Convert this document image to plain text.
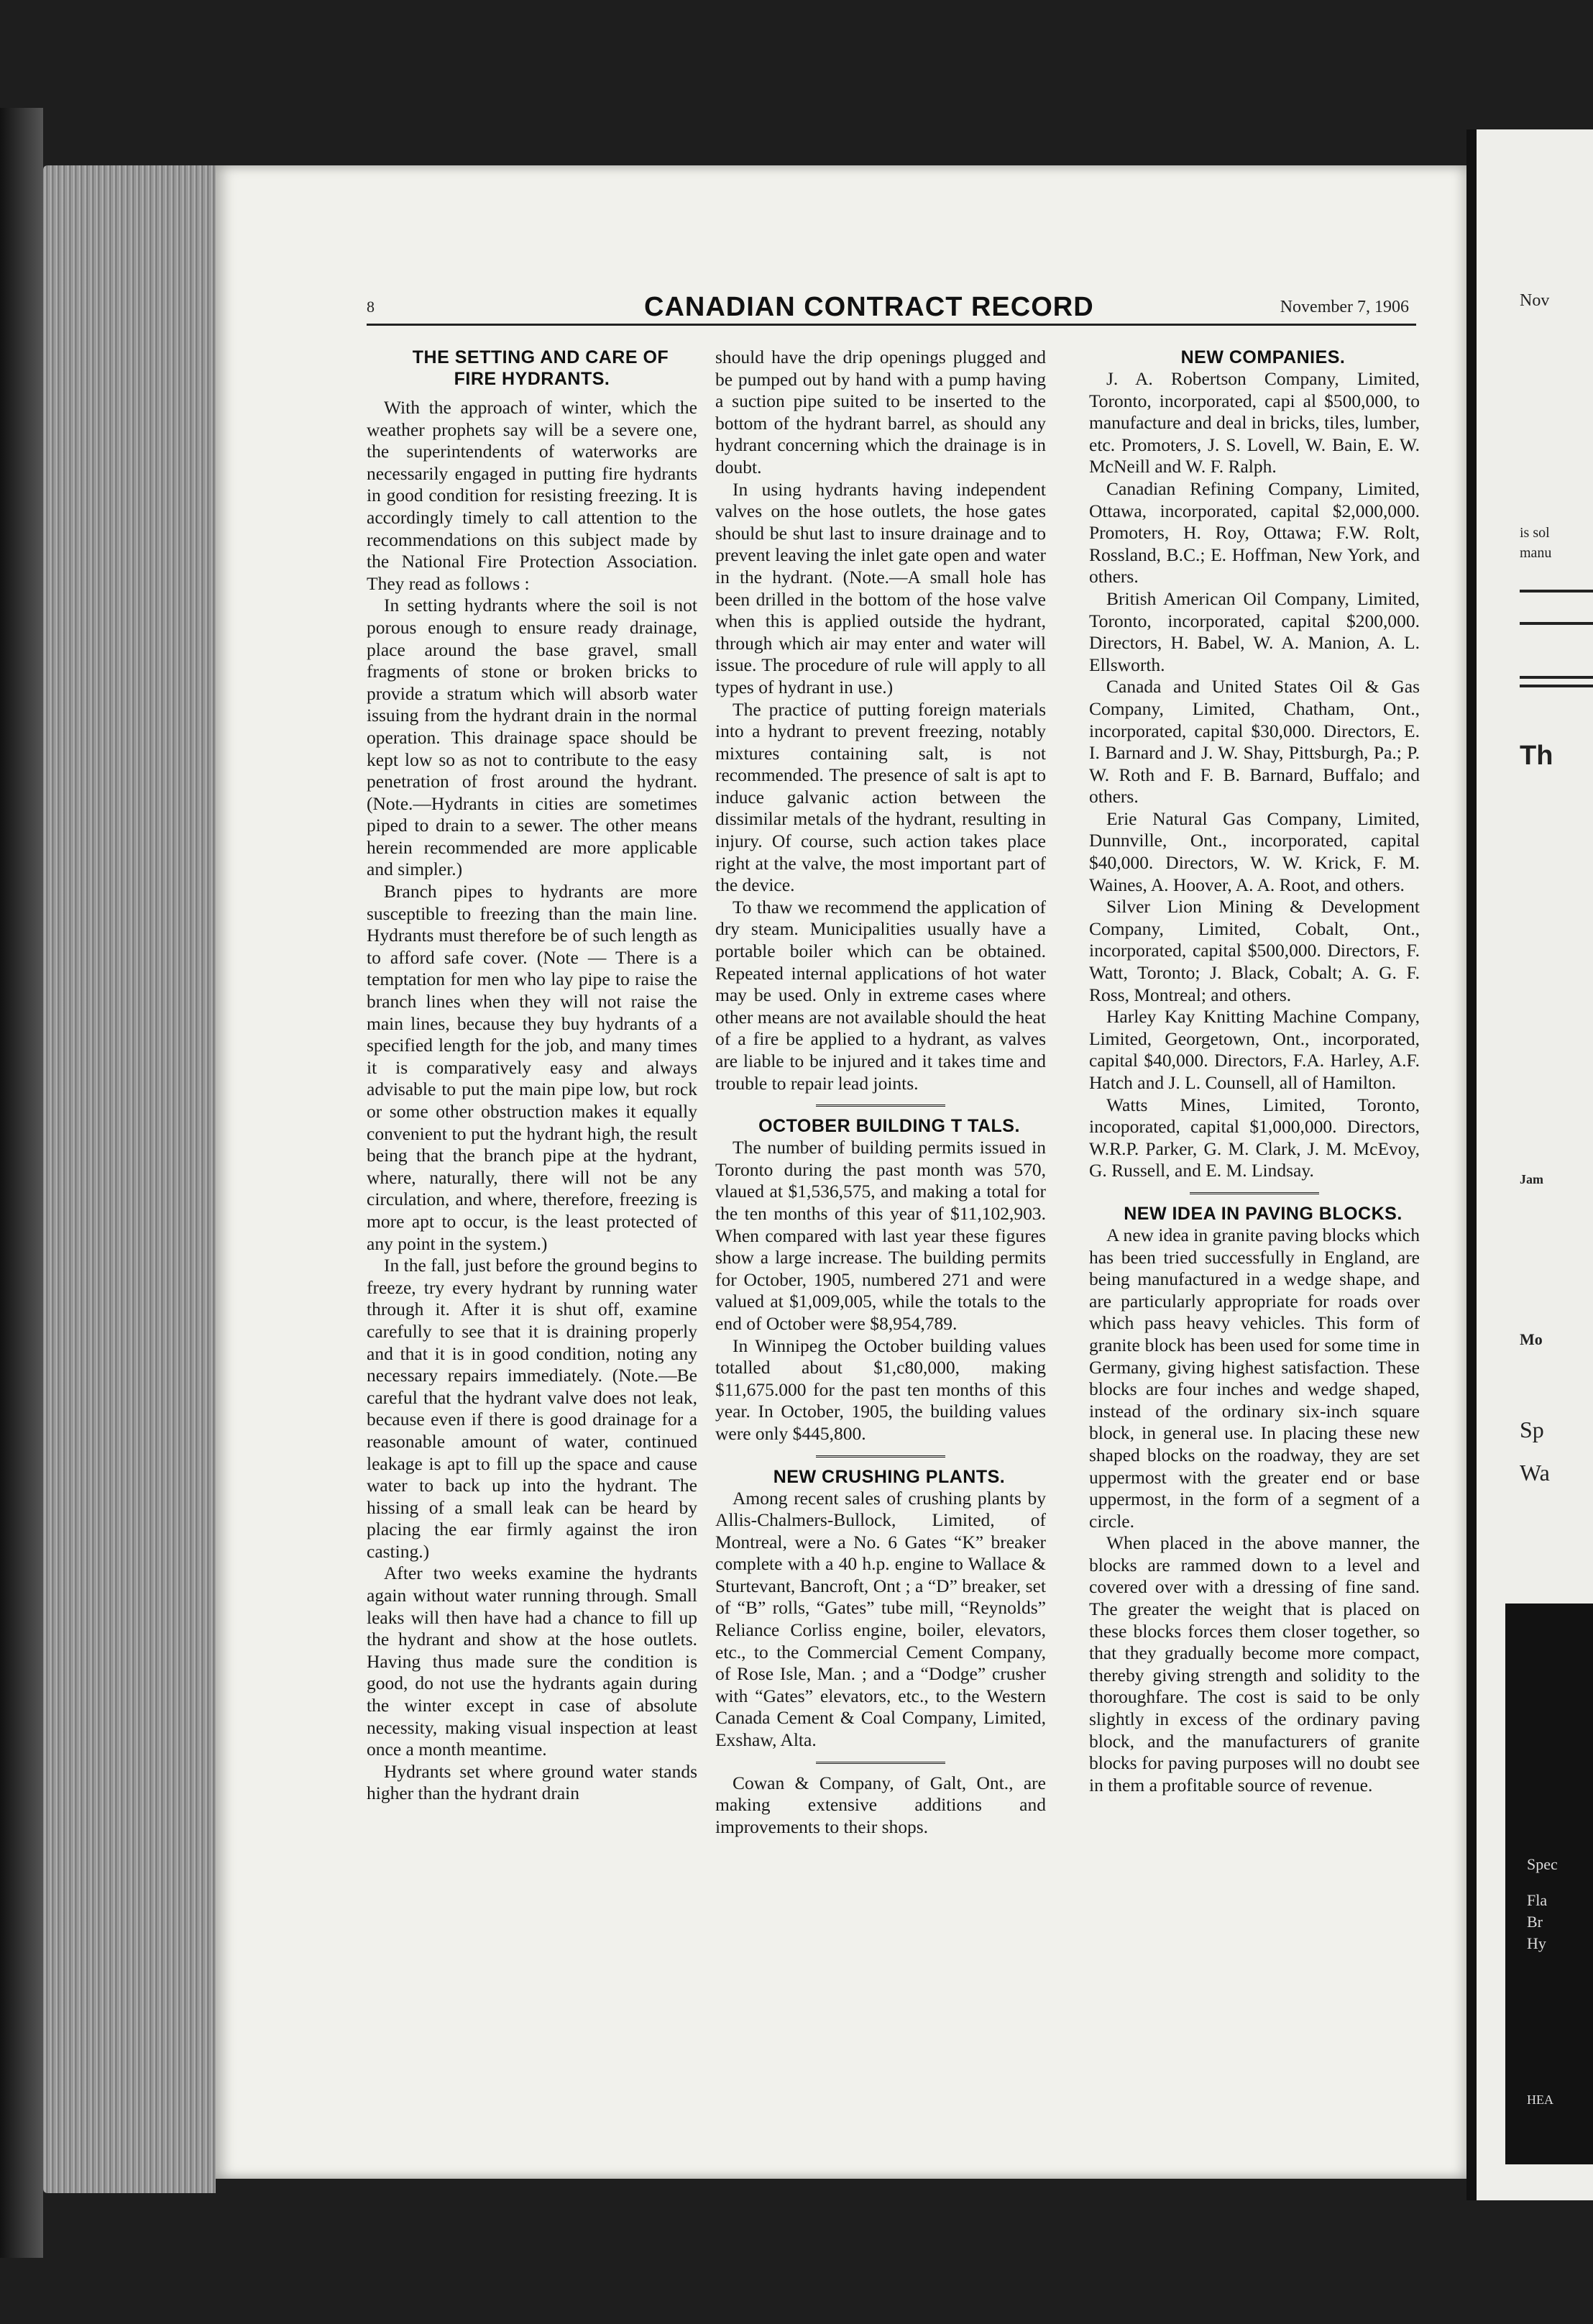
Nov
is sol
manu
Th
Jam
Mo
Sp
Wa
Spec
Fla
Br
Hy
HEA
8	CANADIAN CONTRACT RECORD	November 7, 1906

THE SETTING AND CARE OF FIRE HYDRANTS.

With the approach of winter, which the weather prophets say will be a severe one, the superintendents of waterworks are necessarily engaged in putting fire hydrants in good condition for resisting freezing. It is accordingly timely to call attention to the recommendations on this subject made by the National Fire Protection Association. They read as follows :

In setting hydrants where the soil is not porous enough to ensure ready drainage, place around the base gravel, small fragments of stone or broken bricks to provide a stratum which will absorb water issuing from the hydrant drain in the normal operation. This drainage space should be kept low so as not to contribute to the easy penetration of frost around the hydrant. (Note.—Hydrants in cities are sometimes piped to drain to a sewer. The other means herein recommended are more applicable and simpler.)

Branch pipes to hydrants are more susceptible to freezing than the main line. Hydrants must therefore be of such length as to afford safe cover. (Note — There is a temptation for men who lay pipe to raise the branch lines when they will not raise the main lines, because they buy hydrants of a specified length for the job, and many times it is comparatively easy and always advisable to put the main pipe low, but rock or some other obstruction makes it equally convenient to put the hydrant high, the result being that the branch pipe at the hydrant, where, naturally, there will not be any circulation, and where, therefore, freezing is more apt to occur, is the least protected of any point in the system.)

In the fall, just before the ground begins to freeze, try every hydrant by running water through it. After it is shut off, examine carefully to see that it is draining properly and that it is in good condition, noting any necessary repairs immediately. (Note.—Be careful that the hydrant valve does not leak, because even if there is good drainage for a reasonable amount of water, continued leakage is apt to fill up the space and cause water to back up into the hydrant. The hissing of a small leak can be heard by placing the ear firmly against the iron casting.)

After two weeks examine the hydrants again without water running through. Small leaks will then have had a chance to fill up the hydrant and show at the hose outlets. Having thus made sure the condition is good, do not use the hydrants again during the winter except in case of absolute necessity, making visual inspection at least once a month meantime.

Hydrants set where ground water stands higher than the hydrant drain

should have the drip openings plugged and be pumped out by hand with a pump having a suction pipe suited to be inserted to the bottom of the hydrant barrel, as should any hydrant concerning which the drainage is in doubt.

In using hydrants having independent valves on the hose outlets, the hose gates should be shut last to insure drainage and to prevent leaving the inlet gate open and water in the hydrant. (Note.—A small hole has been drilled in the bottom of the hose valve when this is applied outside the hydrant, through which air may enter and water will issue. The procedure of rule will apply to all types of hydrant in use.)

The practice of putting foreign materials into a hydrant to prevent freezing, notably mixtures containing salt, is not recommended. The presence of salt is apt to induce galvanic action between the dissimilar metals of the hydrant, resulting in injury. Of course, such action takes place right at the valve, the most important part of the device.

To thaw we recommend the application of dry steam. Municipalities usually have a portable boiler which can be obtained. Repeated internal applications of hot water may be used. Only in extreme cases where other means are not available should the heat of a fire be applied to a hydrant, as valves are liable to be injured and it takes time and trouble to repair lead joints.

OCTOBER BUILDING T TALS.

The number of building permits issued in Toronto during the past month was 570, vlaued at $1,536,575, and making a total for the ten months of this year of $11,102,903. When compared with last year these figures show a large increase. The building permits for October, 1905, numbered 271 and were valued at $1,009,005, while the totals to the end of October were $8,954,789.

In Winnipeg the October building values totalled about $1,c80,000, making $11,675.000 for the past ten months of this year. In October, 1905, the building values were only $445,800.

NEW CRUSHING PLANTS.

Among recent sales of crushing plants by Allis-Chalmers-Bullock, Limited, of Montreal, were a No. 6 Gates “K” breaker complete with a 40 h.p. engine to Wallace & Sturtevant, Bancroft, Ont ; a “D” breaker, set of “B” rolls, “Gates” tube mill, “Reynolds” Reliance Corliss engine, boiler, elevators, etc., to the Commercial Cement Company, of Rose Isle, Man. ; and a “Dodge” crusher with “Gates” elevators, etc., to the Western Canada Cement & Coal Company, Limited, Exshaw, Alta.

Cowan & Company, of Galt, Ont., are making extensive additions and improvements to their shops.

NEW COMPANIES.

J. A. Robertson Company, Limited, Toronto, incorporated, capi al $500,000, to manufacture and deal in bricks, tiles, lumber, etc. Promoters, J. S. Lovell, W. Bain, E. W. McNeill and W. F. Ralph.

Canadian Refining Company, Limited, Ottawa, incorporated, capital $2,000,000. Promoters, H. Roy, Ottawa; F.W. Rolt, Rossland, B.C.; E. Hoffman, New York, and others.

British American Oil Company, Limited, Toronto, incorporated, capital $200,000. Directors, H. Babel, W. A. Manion, A. L. Ellsworth.

Canada and United States Oil & Gas Company, Limited, Chatham, Ont., incorporated, capital $30,000. Directors, E. I. Barnard and J. W. Shay, Pittsburgh, Pa.; P. W. Roth and F. B. Barnard, Buffalo; and others.

Erie Natural Gas Company, Limited, Dunnville, Ont., incorporated, capital $40,000. Directors, W. W. Krick, F. M. Waines, A. Hoover, A. A. Root, and others.

Silver Lion Mining & Development Company, Limited, Cobalt, Ont., incorporated, capital $500,000. Directors, F. Watt, Toronto; J. Black, Cobalt; A. G. F. Ross, Montreal; and others.

Harley Kay Knitting Machine Company, Limited, Georgetown, Ont., incorporated, capital $40,000. Directors, F.A. Harley, A.F. Hatch and J. L. Counsell, all of Hamilton.

Watts Mines, Limited, Toronto, incoporated, capital $1,000,000. Directors, W.R.P. Parker, G. M. Clark, J. M. McEvoy, G. Russell, and E. M. Lindsay.

NEW IDEA IN PAVING BLOCKS.

A new idea in granite paving blocks which has been tried successfully in England, are being manufactured in a wedge shape, and are particularly appropriate for roads over which pass heavy vehicles. This form of granite block has been used for some time in Germany, giving highest satisfaction. These blocks are four inches and wedge shaped, instead of the ordinary six-inch square block, in general use. In placing these new shaped blocks on the roadway, they are set uppermost with the greater end or base uppermost, in the form of a segment of a circle.

When placed in the above manner, the blocks are rammed down to a level and covered over with a dressing of fine sand. The greater the weight that is placed on these blocks forces them closer together, so that they gradually become more compact, thereby giving strength and solidity to the thoroughfare. The cost is said to be only slightly in excess of the ordinary paving block, and the manufacturers of granite blocks for paving purposes will no doubt see in them a profitable source of revenue.
